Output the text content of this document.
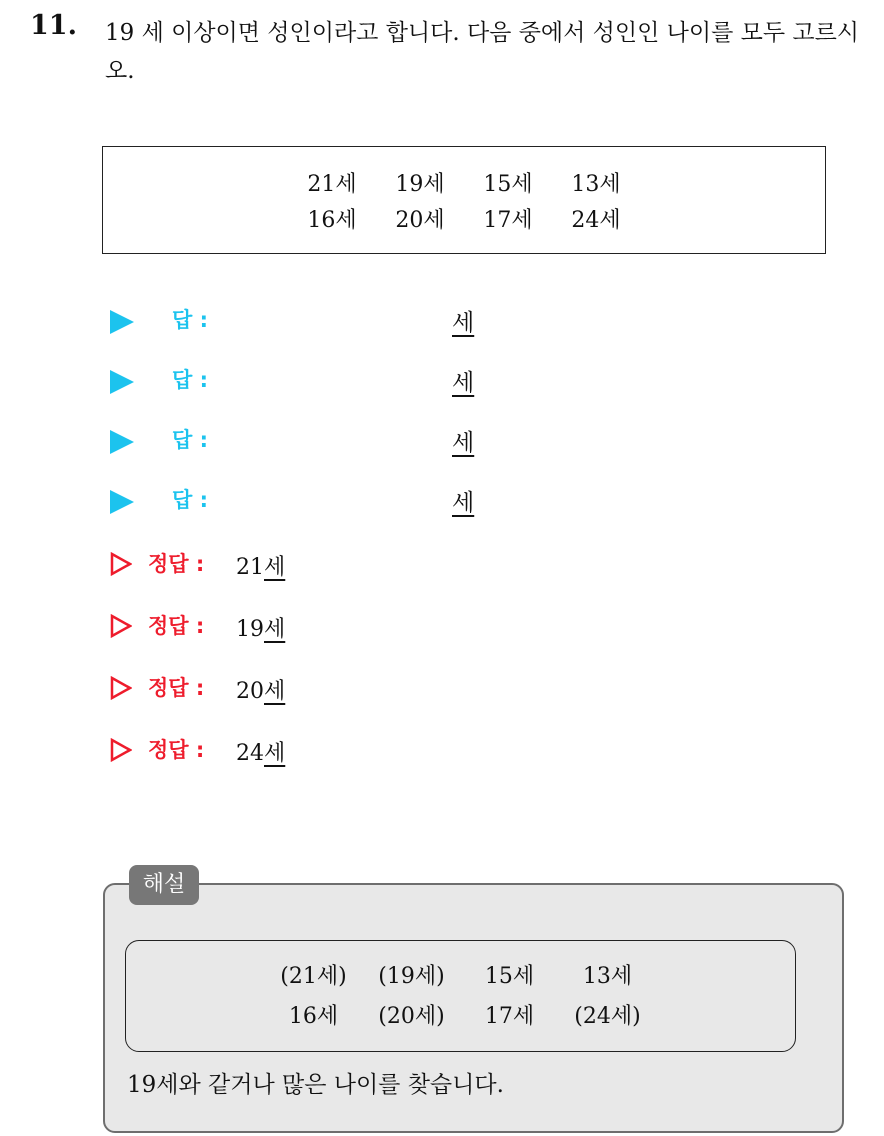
11. 19 세 이상이면 성인이라고 합니다. 다음 중에서 성인인 나이를 모두 고르시오.
21세	19세	15세	13세
16세	20세	17세	24세
답 :	세
답 :	세
답 :	세
답 :	세
정답 : 21세
정답 : 19세
정답 : 20세
정답 : 24세
(21세)	(19세)	15세	13세
16세	(20세)	17세	(24세)
19세와 같거나 많은 나이를 찾습니다.
해설
